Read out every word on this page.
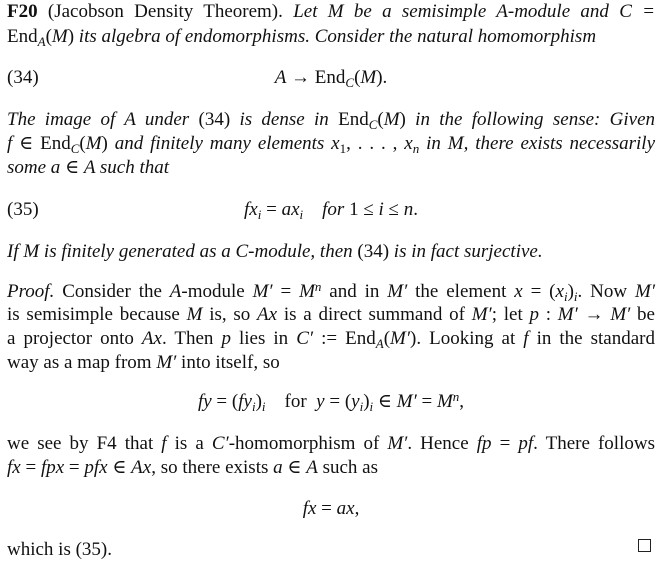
F20 (Jacobson Density Theorem). Let M be a semisimple A-module and C =
End$_A$(M) its algebra of endomorphisms. Consider the natural homomorphism
(34)	A → End$_C$(M).
The image of A under (34) is dense in End$_C$(M) in the following sense: Given
f ∈ End$_C$(M) and finitely many elements $x_1$, . . . , $x_n$ in M, there exists necessarily
some a ∈ A such that
(35)	$fx_i = ax_i$ for 1 ≤ i ≤ n.
If M is finitely generated as a C-module, then (34) is in fact surjective.
Proof. Consider the A-module $M' = M^n$ and in M′ the element $x = (x_i)_i$. Now M′
is semisimple because M is, so Ax is a direct summand of M′; let p : M′ → M′ be
a projector onto Ax. Then p lies in C′ := End$_A$(M′). Looking at f in the standard
way as a map from M′ into itself, so
fy = $(fy_i)_i$    for  $y = (y_i)_i$ ∈ $M' = M^n$,
we see by F4 that f is a C′-homomorphism of M′. Hence fp = pf. There follows
fx = fpx = pfx ∈ Ax, so there exists a ∈ A such as
fx = ax,
which is (35).
